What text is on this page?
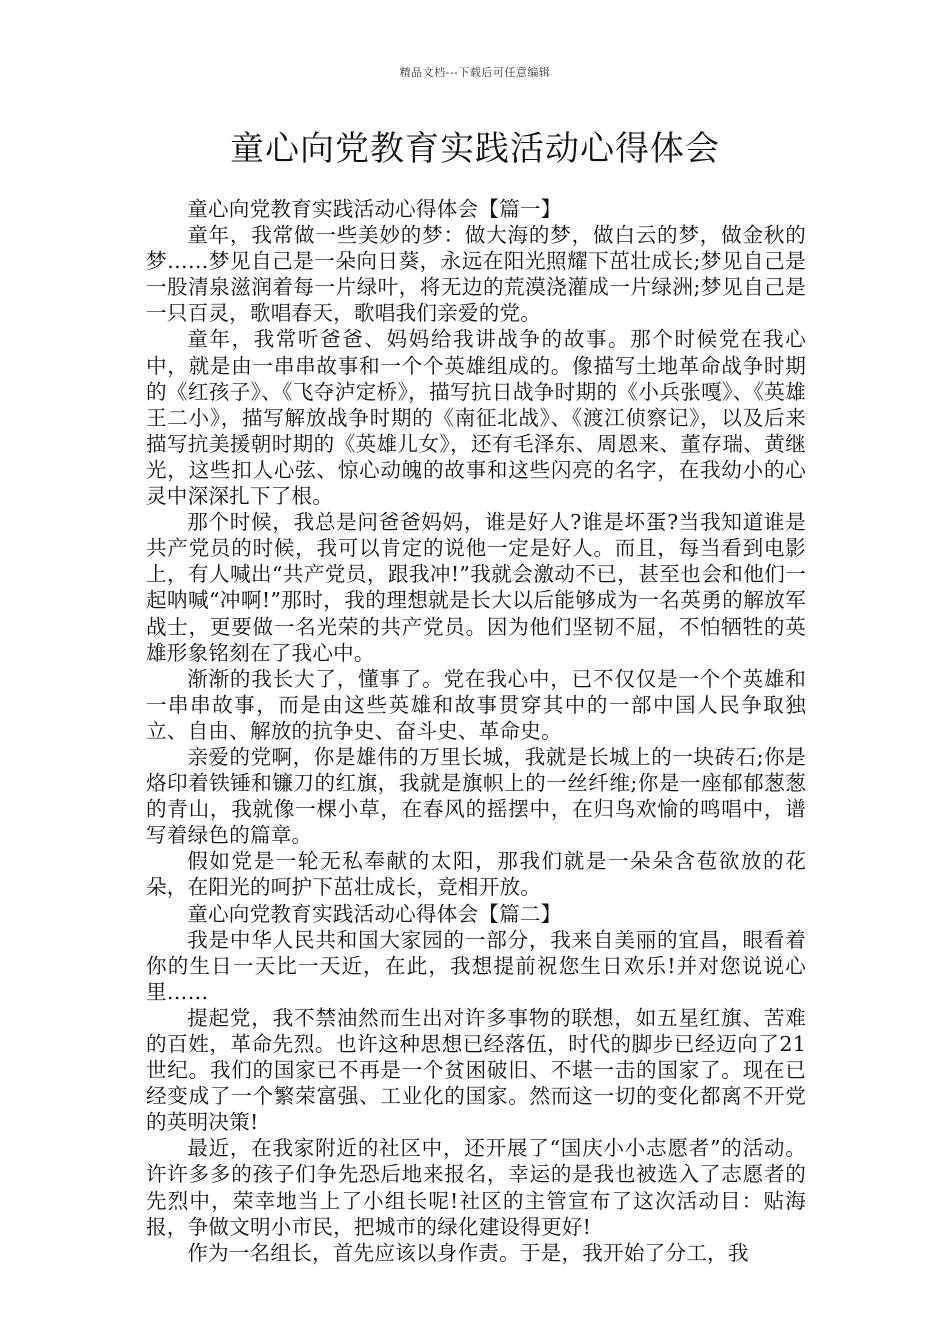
精品文档---下载后可任意编辑
童心向党教育实践活动心得体会

童心向党教育实践活动心得体会【篇一】

童年，我常做一些美妙的梦：做大海的梦，做白云的梦，做金秋的梦……梦见自己是一朵向日葵，永远在阳光照耀下茁壮成长;梦见自己是一股清泉滋润着每一片绿叶，将无边的荒漠浇灌成一片绿洲;梦见自己是一只百灵，歌唱春天，歌唱我们亲爱的党。

童年，我常听爸爸、妈妈给我讲战争的故事。那个时候党在我心中，就是由一串串故事和一个个英雄组成的。像描写土地革命战争时期的《红孩子》、《飞夺泸定桥》，描写抗日战争时期的《小兵张嘎》、《英雄王二小》，描写解放战争时期的《南征北战》、《渡江侦察记》，以及后来描写抗美援朝时期的《英雄儿女》，还有毛泽东、周恩来、董存瑞、黄继光，这些扣人心弦、惊心动魄的故事和这些闪亮的名字，在我幼小的心灵中深深扎下了根。

那个时候，我总是问爸爸妈妈，谁是好人?谁是坏蛋?当我知道谁是共产党员的时候，我可以肯定的说他一定是好人。而且，每当看到电影上，有人喊出“共产党员，跟我冲!”我就会激动不已，甚至也会和他们一起呐喊“冲啊!”那时，我的理想就是长大以后能够成为一名英勇的解放军战士，更要做一名光荣的共产党员。因为他们坚韧不屈，不怕牺牲的英雄形象铭刻在了我心中。

渐渐的我长大了，懂事了。党在我心中，已不仅仅是一个个英雄和一串串故事，而是由这些英雄和故事贯穿其中的一部中国人民争取独立、自由、解放的抗争史、奋斗史、革命史。

亲爱的党啊，你是雄伟的万里长城，我就是长城上的一块砖石;你是烙印着铁锤和镰刀的红旗，我就是旗帜上的一丝纤维;你是一座郁郁葱葱的青山，我就像一棵小草，在春风的摇摆中，在归鸟欢愉的鸣唱中，谱写着绿色的篇章。

假如党是一轮无私奉献的太阳，那我们就是一朵朵含苞欲放的花朵，在阳光的呵护下茁壮成长，竞相开放。

童心向党教育实践活动心得体会【篇二】

我是中华人民共和国大家园的一部分，我来自美丽的宜昌，眼看着你的生日一天比一天近，在此，我想提前祝您生日欢乐!并对您说说心里……

提起党，我不禁油然而生出对许多事物的联想，如五星红旗、苦难的百姓，革命先烈。也许这种思想已经落伍，时代的脚步已经迈向了21世纪。我们的国家已不再是一个贫困破旧、不堪一击的国家了。现在已经变成了一个繁荣富强、工业化的国家。然而这一切的变化都离不开党的英明决策!

最近，在我家附近的社区中，还开展了“国庆小小志愿者”的活动。许许多多的孩子们争先恐后地来报名，幸运的是我也被选入了志愿者的先烈中，荣幸地当上了小组长呢!社区的主管宣布了这次活动目：贴海报，争做文明小市民，把城市的绿化建设得更好!

作为一名组长，首先应该以身作责。于是，我开始了分工，我
